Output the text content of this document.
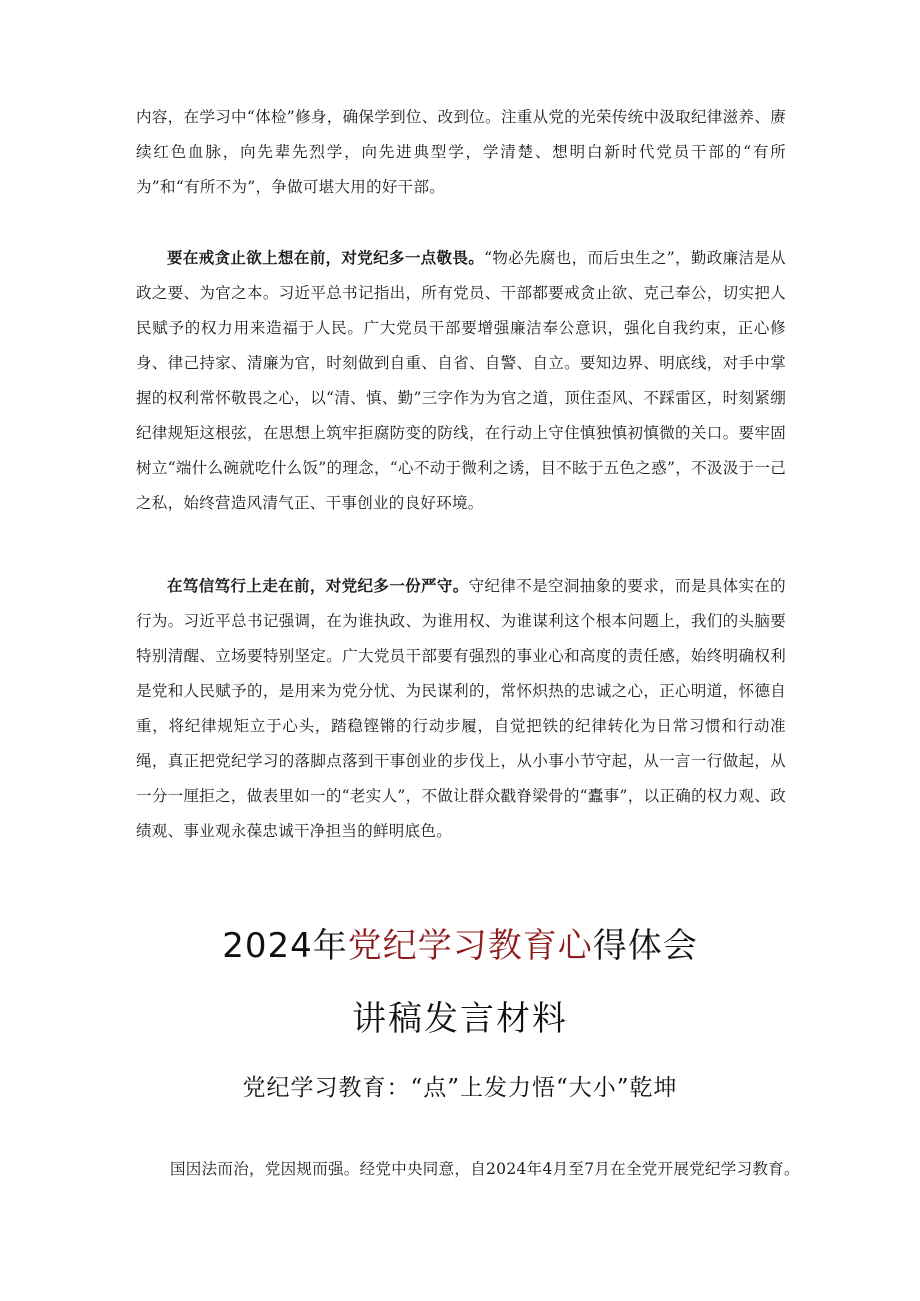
内容，在学习中“体检”修身，确保学到位、改到位。注重从党的光荣传统中汲取纪律滋养、赓续红色血脉，向先辈先烈学，向先进典型学，学清楚、想明白新时代党员干部的“有所为”和“有所不为”，争做可堪大用的好干部。
要在戒贪止欲上想在前，对党纪多一点敬畏。“物必先腐也，而后虫生之”，勤政廉洁是从政之要、为官之本。习近平总书记指出，所有党员、干部都要戒贪止欲、克己奉公，切实把人民赋予的权力用来造福于人民。广大党员干部要增强廉洁奉公意识，强化自我约束，正心修身、律己持家、清廉为官，时刻做到自重、自省、自警、自立。要知边界、明底线，对手中掌握的权利常怀敬畏之心，以“清、慎、勤”三字作为为官之道，顶住歪风、不踩雷区，时刻紧绷纪律规矩这根弦，在思想上筑牢拒腐防变的防线，在行动上守住慎独慎初慎微的关口。要牢固树立“端什么碗就吃什么饭”的理念，“心不动于微利之诱，目不眩于五色之惑”，不汲汲于一己之私，始终营造风清气正、干事创业的良好环境。
在笃信笃行上走在前，对党纪多一份严守。守纪律不是空洞抽象的要求，而是具体实在的行为。习近平总书记强调，在为谁执政、为谁用权、为谁谋利这个根本问题上，我们的头脑要特别清醒、立场要特别坚定。广大党员干部要有强烈的事业心和高度的责任感，始终明确权利是党和人民赋予的，是用来为党分忧、为民谋利的，常怀炽热的忠诚之心，正心明道，怀德自重，将纪律规矩立于心头，踏稳铿锵的行动步履，自觉把铁的纪律转化为日常习惯和行动准绳，真正把党纪学习的落脚点落到干事创业的步伐上，从小事小节守起，从一言一行做起，从一分一厘拒之，做表里如一的“老实人”，不做让群众戳脊梁骨的“蠹事”，以正确的权力观、政绩观、事业观永葆忠诚干净担当的鲜明底色。
2024年党纪学习教育心得体会
讲稿发言材料
党纪学习教育：“点”上发力悟“大小”乾坤
国因法而治，党因规而强。经党中央同意，自2024年4月至7月在全党开展党纪学习教育。
